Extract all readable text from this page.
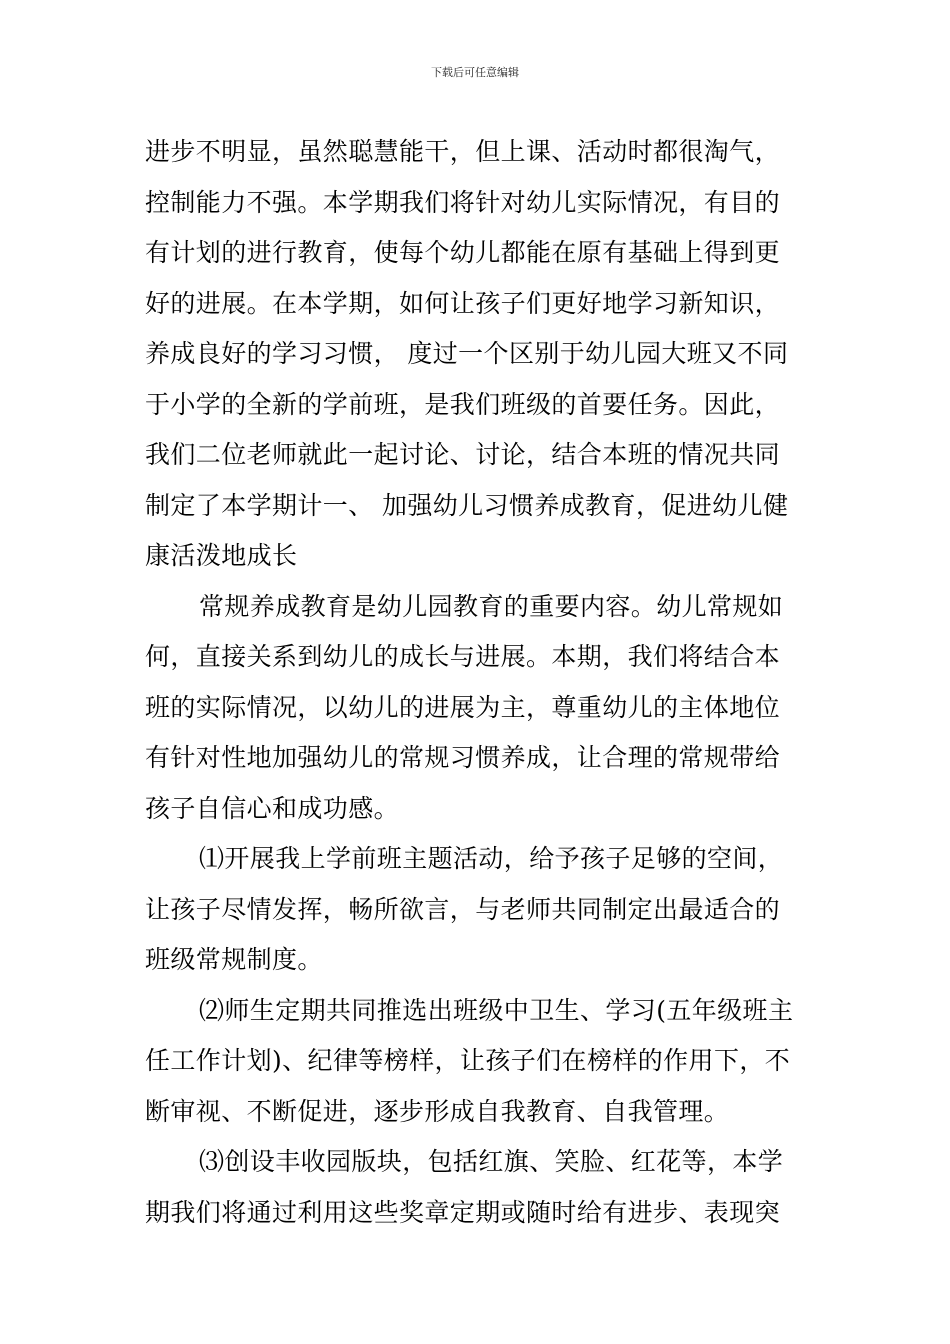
下载后可任意编辑
进步不明显，虽然聪慧能干，但上课、活动时都很淘气，
控制能力不强。本学期我们将针对幼儿实际情况，有目的
有计划的进行教育，使每个幼儿都能在原有基础上得到更
好的进展。在本学期，如何让孩子们更好地学习新知识，
养成良好的学习习惯， 度过一个区别于幼儿园大班又不同
于小学的全新的学前班，是我们班级的首要任务。因此，
我们二位老师就此一起讨论、讨论，结合本班的情况共同
制定了本学期计一、 加强幼儿习惯养成教育，促进幼儿健
康活泼地成长
常规养成教育是幼儿园教育的重要内容。幼儿常规如
何，直接关系到幼儿的成长与进展。本期，我们将结合本
班的实际情况，以幼儿的进展为主，尊重幼儿的主体地位
有针对性地加强幼儿的常规习惯养成，让合理的常规带给
孩子自信心和成功感。
⑴开展我上学前班主题活动，给予孩子足够的空间，
让孩子尽情发挥，畅所欲言，与老师共同制定出最适合的
班级常规制度。
⑵师生定期共同推选出班级中卫生、学习(五年级班主
任工作计划)、纪律等榜样，让孩子们在榜样的作用下，不
断审视、不断促进，逐步形成自我教育、自我管理。
⑶创设丰收园版块，包括红旗、笑脸、红花等，本学
期我们将通过利用这些奖章定期或随时给有进步、表现突
